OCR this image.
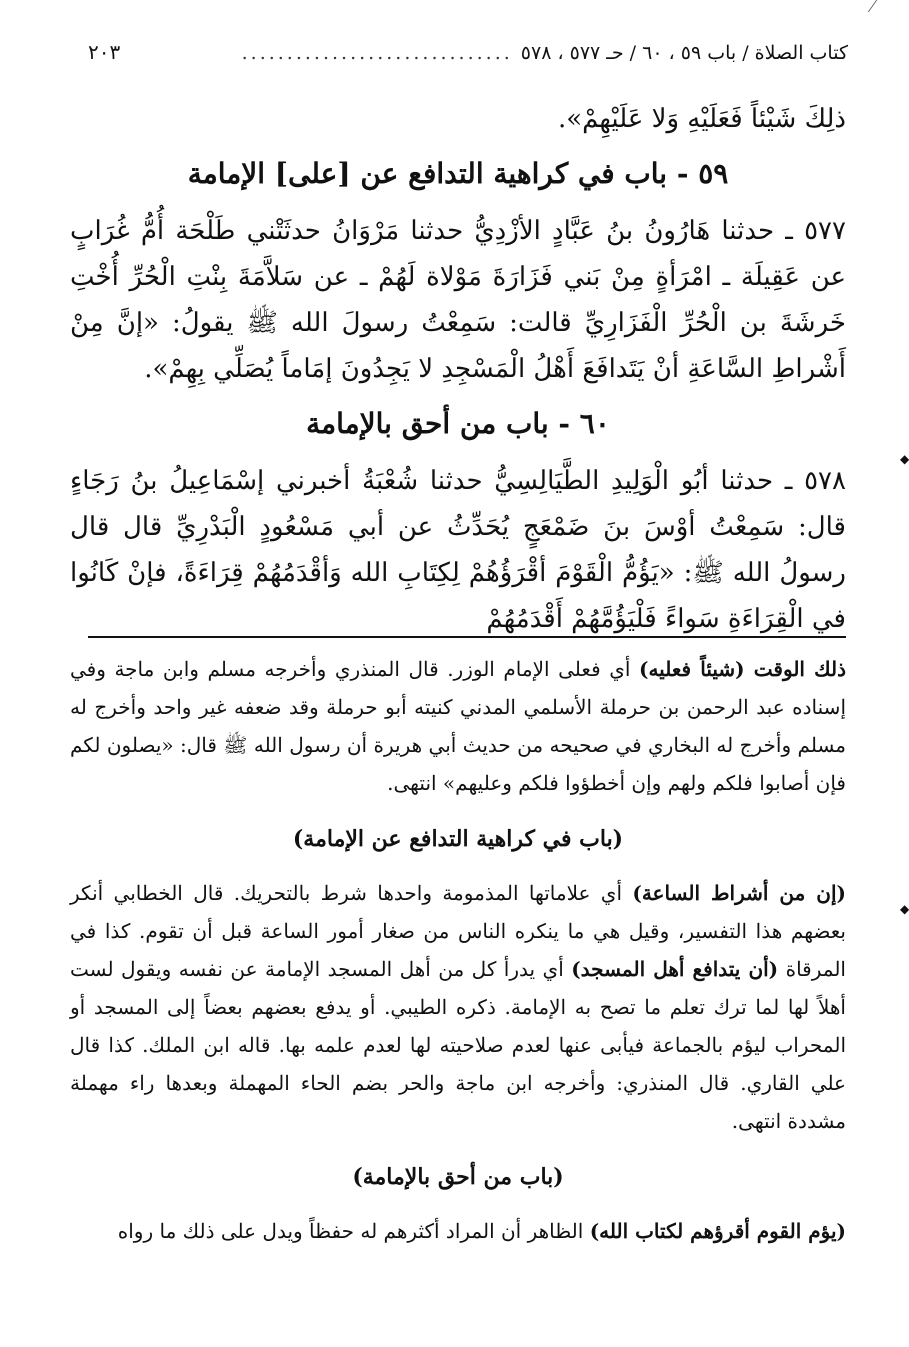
كتاب الصلاة / باب ٥٩ ، ٦٠ / حـ ٥٧٧ ، ٥٧٨
..............................
٢٠٣
◆
◆

ذلِكَ شَيْئاً فَعَلَيْهِ وَلا عَلَيْهِمْ».

٥٩ - باب في كراهية التدافع عن [على] الإمامة

٥٧٧ ـ حدثنا هَارُونُ بنُ عَبَّادٍ الأزْدِيُّ حدثنا مَرْوَانُ حدثَتْني طَلْحَة أُمُّ غُرَابٍ عن عَقِيلَة ـ امْرَأةٍ مِنْ بَني فَزَارَةَ مَوْلاة لَهُمْ ـ عن سَلاَّمَةَ بِنْتِ الْحُرِّ أُخْتِ خَرشَةَ بن الْحُرِّ الْفَزَارِيِّ قالت: سَمِعْتُ رسولَ الله ﷺ يقولُ: «إنَّ مِنْ أَشْراطِ السَّاعَةِ أنْ يَتَدافَعَ أَهْلُ الْمَسْجِدِ لا يَجِدُونَ إمَاماً يُصَلِّي بِهِمْ».

٦٠ - باب من أحق بالإمامة

٥٧٨ ـ حدثنا أبُو الْوَلِيدِ الطَّيَالِسِيُّ حدثنا شُعْبَةُ أخبرني إسْمَاعِيلُ بنُ رَجَاءٍ قال: سَمِعْتُ أوْسَ بنَ ضَمْعَجٍ يُحَدِّثُ عن أبي مَسْعُودٍ الْبَدْرِيِّ قال قال رسولُ الله ﷺ: «يَؤُمُّ الْقَوْمَ أقْرَؤُهُمْ لِكِتَابِ الله وَأقْدَمُهُمْ قِرَاءَةً، فإنْ كَانُوا في الْقِرَاءَةِ سَواءً فَلْيَؤُمَّهُمْ أَقْدَمُهُمْ

ذلك الوقت (شيئاً فعليه) أي فعلى الإمام الوزر. قال المنذري وأخرجه مسلم وابن ماجة وفي إسناده عبد الرحمن بن حرملة الأسلمي المدني كنيته أبو حرملة وقد ضعفه غير واحد وأخرج له مسلم وأخرج له البخاري في صحيحه من حديث أبي هريرة أن رسول الله ﷺ قال: «يصلون لكم فإن أصابوا فلكم ولهم وإن أخطؤوا فلكم وعليهم» انتهى.

(باب في كراهية التدافع عن الإمامة)

(إن من أشراط الساعة) أي علاماتها المذمومة واحدها شرط بالتحريك. قال الخطابي أنكر بعضهم هذا التفسير، وقيل هي ما ينكره الناس من صغار أمور الساعة قبل أن تقوم. كذا في المرقاة (أن يتدافع أهل المسجد) أي يدرأ كل من أهل المسجد الإمامة عن نفسه ويقول لست أهلاً لها لما ترك تعلم ما تصح به الإمامة. ذكره الطيبي. أو يدفع بعضهم بعضاً إلى المسجد أو المحراب ليؤم بالجماعة فيأبى عنها لعدم صلاحيته لها لعدم علمه بها. قاله ابن الملك. كذا قال علي القاري. قال المنذري: وأخرجه ابن ماجة والحر بضم الحاء المهملة وبعدها راء مهملة مشددة انتهى.

(باب من أحق بالإمامة)

(يؤم القوم أقرؤهم لكتاب الله) الظاهر أن المراد أكثرهم له حفظاً ويدل على ذلك ما رواه
